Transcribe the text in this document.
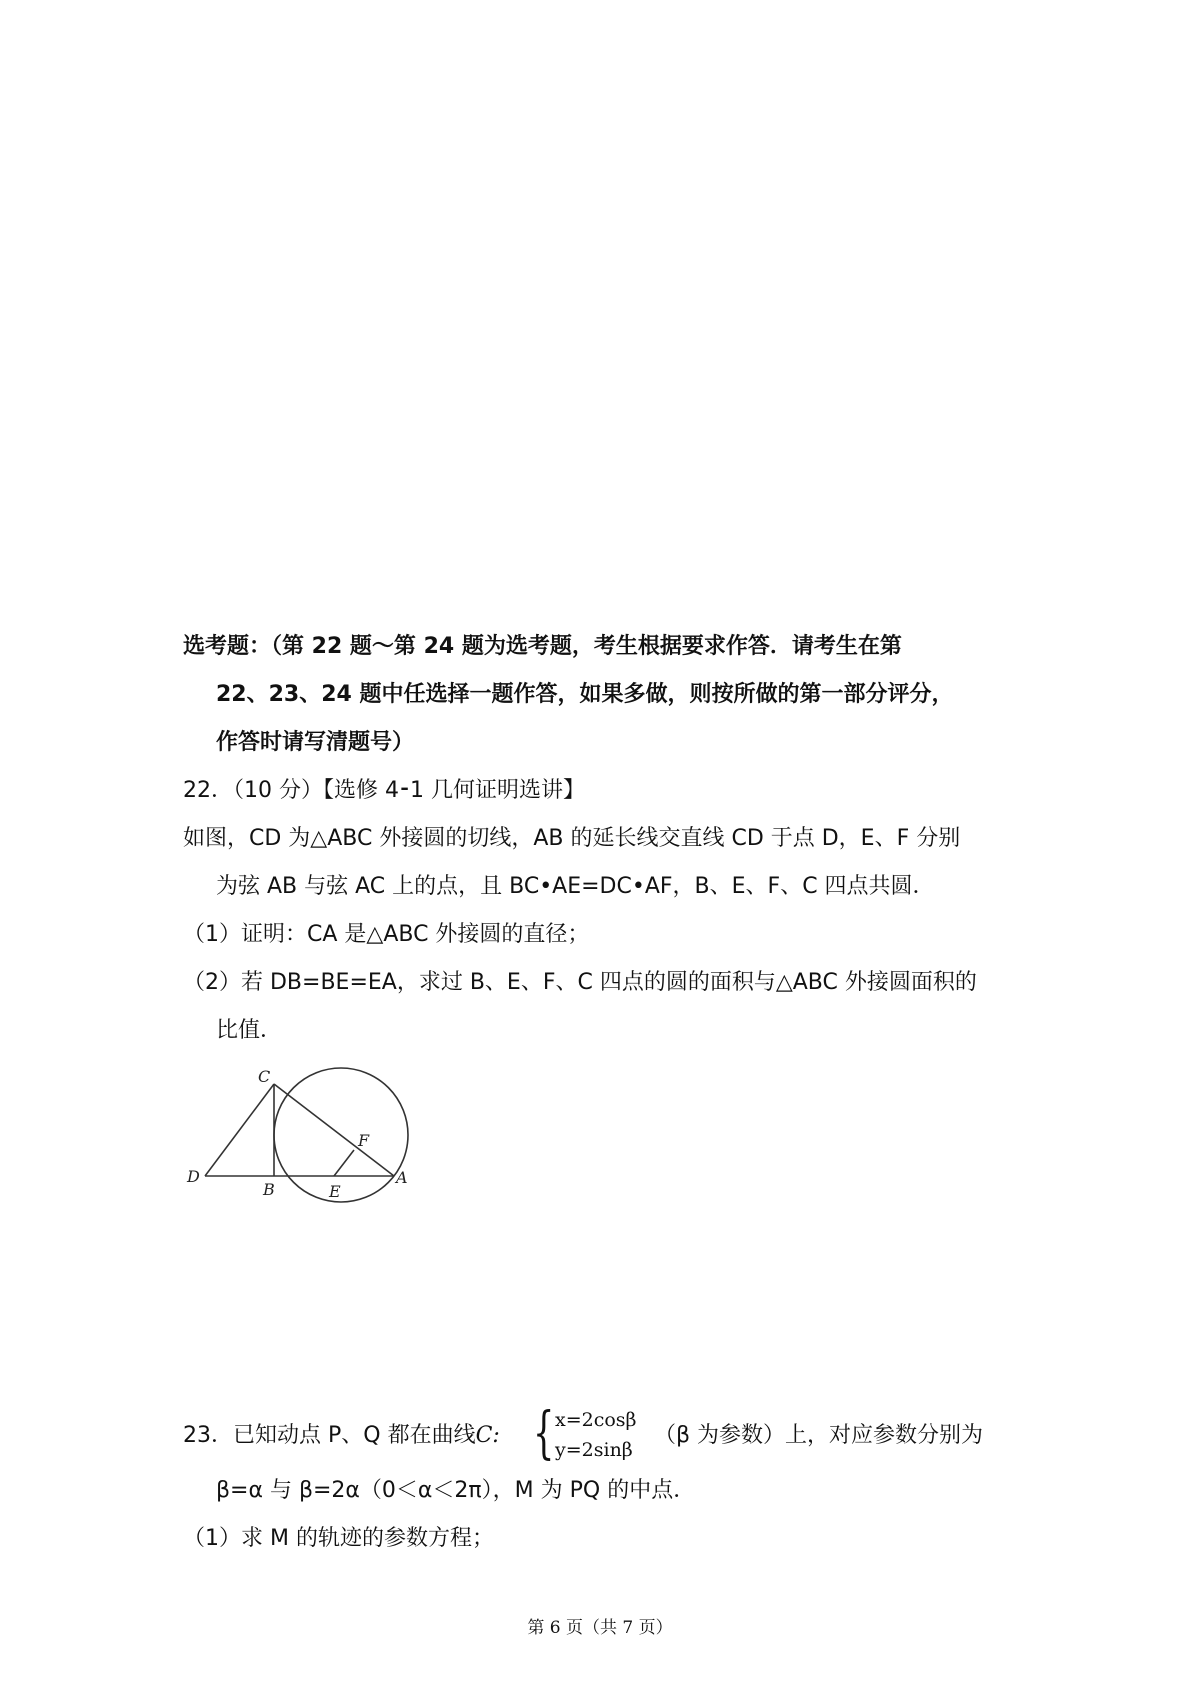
选考题：（第 22 题～第 24 题为选考题，考生根据要求作答．请考生在第
22、23、24 题中任选择一题作答，如果多做，则按所做的第一部分评分，
作答时请写清题号）
22．（10 分）【选修 4⁃1 几何证明选讲】
如图，CD 为△ABC 外接圆的切线，AB 的延长线交直线 CD 于点 D，E、F 分别
为弦 AB 与弦 AC 上的点，且 BC•AE=DC•AF，B、E、F、C 四点共圆．
（1）证明：CA 是△ABC 外接圆的直径；
（2）若 DB=BE=EA，求过 B、E、F、C 四点的圆的面积与△ABC 外接圆面积的
比值．
C
F
D
B	E
A
23．已知动点 P、Q 都在曲线C: { x=2cosβ
y=2sinβ
（β 为参数）上，对应参数分别为
β=α 与 β=2α（0＜α＜2π），M 为 PQ 的中点．
（1）求 M 的轨迹的参数方程；
第 6 页（共 7 页）
